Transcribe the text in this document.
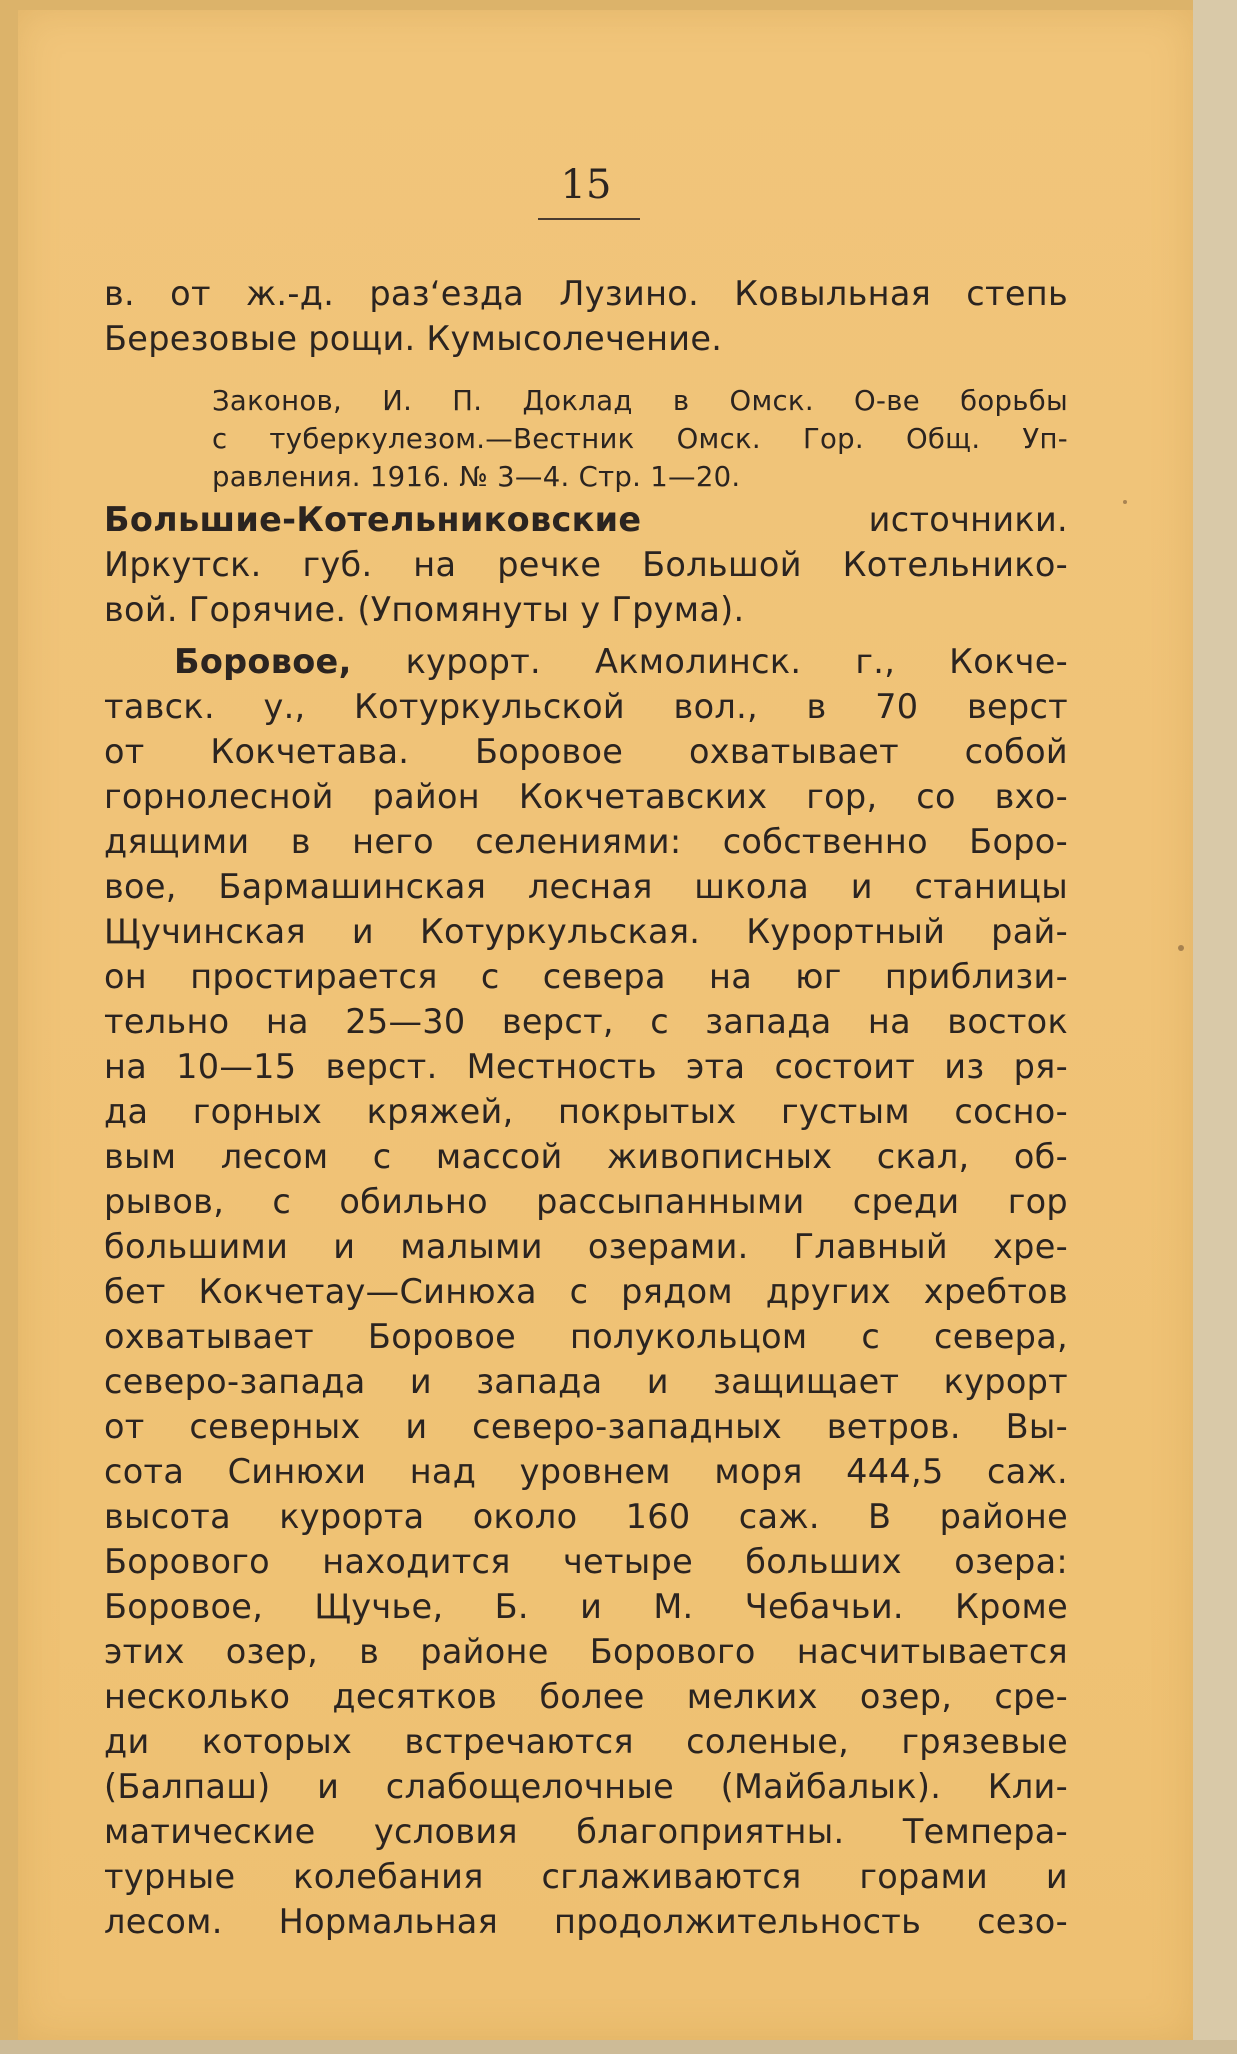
15
в. от ж.-д. раз‘езда Лузино. Ковыльная степь
Березовые рощи. Кумысолечение.
Законов, И. П. Доклад в Омск. О-ве борьбы
с туберкулезом.—Вестник Омск. Гор. Общ. Уп-
равления. 1916. № 3—4. Стр. 1—20.
Большие-Котельниковские источники.
Иркутск. губ. на речке Большой Котельнико-
вой. Горячие. (Упомянуты у Грума).
Боровое, курорт. Акмолинск. г., Кокче-
тавск. у., Котуркульской вол., в 70 верст
от Кокчетава. Боровое охватывает собой
горнолесной район Кокчетавских гор, со вхо-
дящими в него селениями: собственно Боро-
вое, Бармашинская лесная школа и станицы
Щучинская и Котуркульская. Курортный рай-
он простирается с севера на юг приблизи-
тельно на 25—30 верст, с запада на восток
на 10—15 верст. Местность эта состоит из ря-
да горных кряжей, покрытых густым сосно-
вым лесом с массой живописных скал, об-
рывов, с обильно рассыпанными среди гор
большими и малыми озерами. Главный хре-
бет Кокчетау—Синюха с рядом других хребтов
охватывает Боровое полукольцом с севера,
северо-запада и запада и защищает курорт
от северных и северо-западных ветров. Вы-
сота Синюхи над уровнем моря 444,5 саж.
высота курорта около 160 саж. В районе
Борового находится четыре больших озера:
Боровое, Щучье, Б. и М. Чебачьи. Кроме
этих озер, в районе Борового насчитывается
несколько десятков более мелких озер, сре-
ди которых встречаются соленые, грязевые
(Балпаш) и слабощелочные (Майбалык). Кли-
матические условия благоприятны. Темпера-
турные колебания сглаживаются горами и
лесом. Нормальная продолжительность сезо-
